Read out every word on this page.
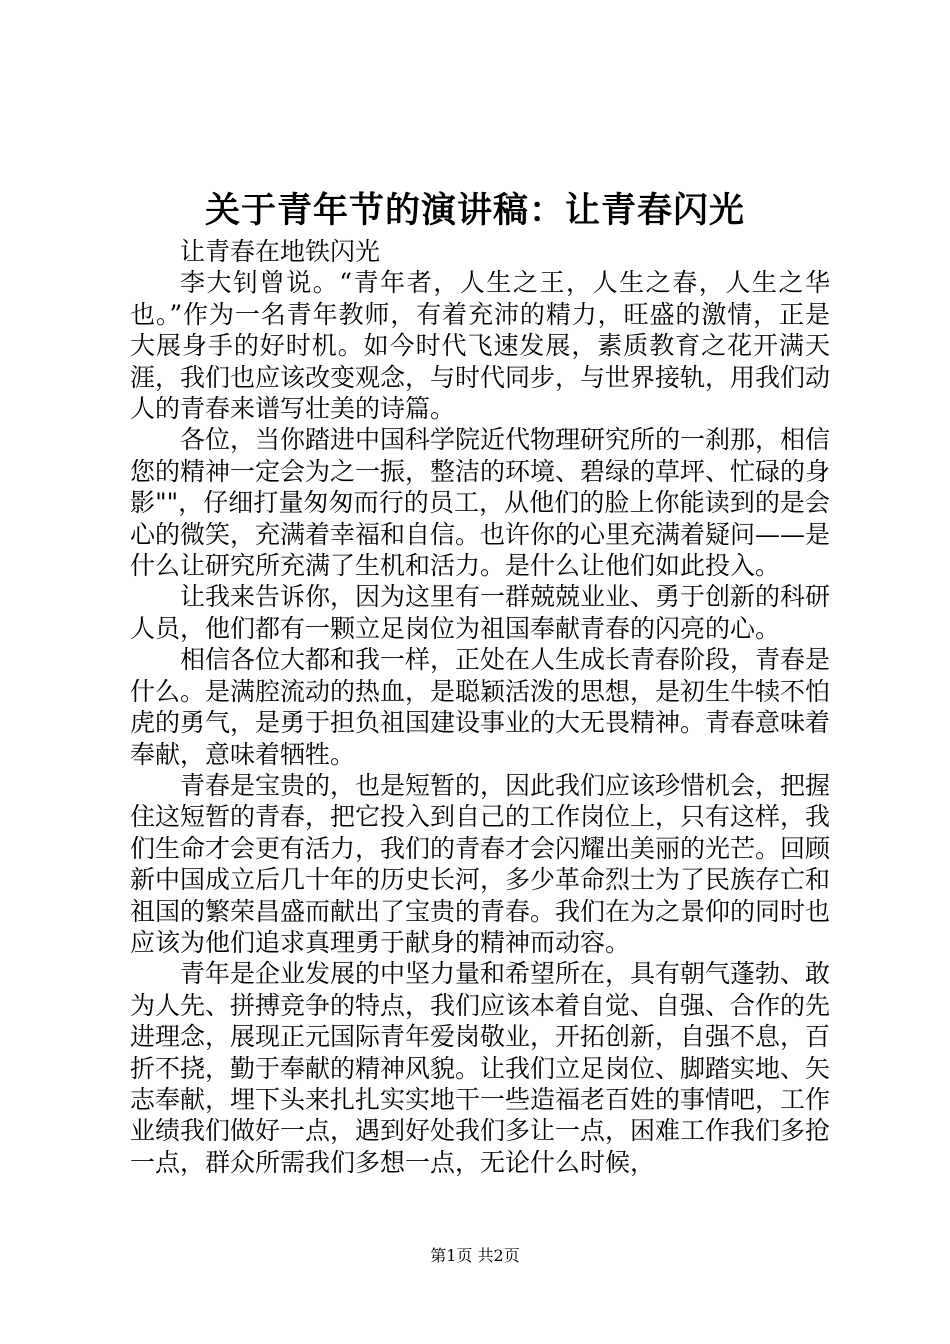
关于青年节的演讲稿：让青春闪光

让青春在地铁闪光

李大钊曾说。“青年者，人生之王，人生之春，人生之华也。”作为一名青年教师，有着充沛的精力，旺盛的激情，正是大展身手的好时机。如今时代飞速发展，素质教育之花开满天涯，我们也应该改变观念，与时代同步，与世界接轨，用我们动人的青春来谱写壮美的诗篇。

各位，当你踏进中国科学院近代物理研究所的一刹那，相信您的精神一定会为之一振，整洁的环境、碧绿的草坪、忙碌的身影""，仔细打量匆匆而行的员工，从他们的脸上你能读到的是会心的微笑，充满着幸福和自信。也许你的心里充满着疑问——是什么让研究所充满了生机和活力。是什么让他们如此投入。

让我来告诉你，因为这里有一群兢兢业业、勇于创新的科研人员，他们都有一颗立足岗位为祖国奉献青春的闪亮的心。

相信各位大都和我一样，正处在人生成长青春阶段，青春是什么。是满腔流动的热血，是聪颖活泼的思想，是初生牛犊不怕虎的勇气，是勇于担负祖国建设事业的大无畏精神。青春意味着奉献，意味着牺牲。

青春是宝贵的，也是短暂的，因此我们应该珍惜机会，把握住这短暂的青春，把它投入到自己的工作岗位上，只有这样，我们生命才会更有活力，我们的青春才会闪耀出美丽的光芒。回顾新中国成立后几十年的历史长河，多少革命烈士为了民族存亡和祖国的繁荣昌盛而献出了宝贵的青春。我们在为之景仰的同时也应该为他们追求真理勇于献身的精神而动容。

青年是企业发展的中坚力量和希望所在，具有朝气蓬勃、敢为人先、拼搏竞争的特点，我们应该本着自觉、自强、合作的先进理念，展现正元国际青年爱岗敬业，开拓创新，自强不息，百折不挠，勤于奉献的精神风貌。让我们立足岗位、脚踏实地、矢志奉献，埋下头来扎扎实实地干一些造福老百姓的事情吧，工作业绩我们做好一点，遇到好处我们多让一点，困难工作我们多抢一点，群众所需我们多想一点，无论什么时候，

第1页 共2页
